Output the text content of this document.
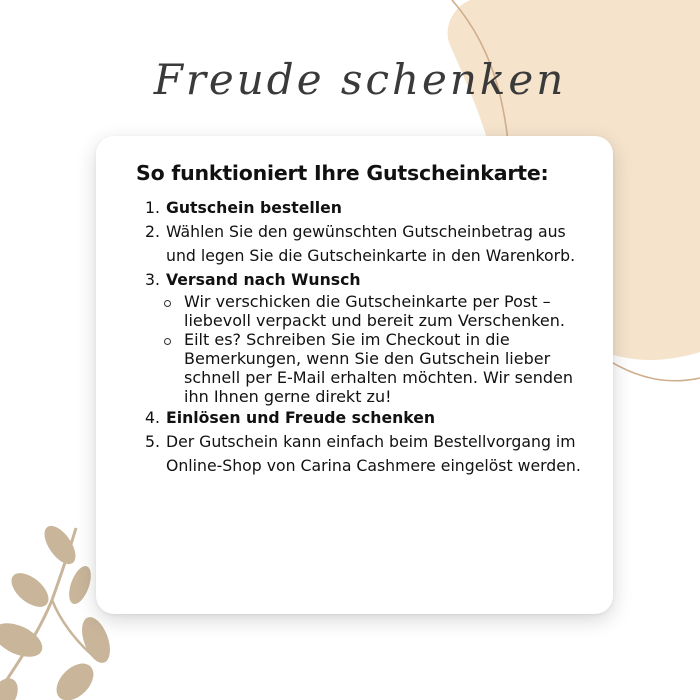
Freude schenken
So funktioniert Ihre Gutscheinkarte:
1. Gutschein bestellen
2. Wählen Sie den gewünschten Gutscheinbetrag aus und legen Sie die Gutscheinkarte in den Warenkorb.
3. Versand nach Wunsch
Wir verschicken die Gutscheinkarte per Post – liebevoll verpackt und bereit zum Verschenken.
Eilt es? Schreiben Sie im Checkout in die Bemerkungen, wenn Sie den Gutschein lieber schnell per E-Mail erhalten möchten. Wir senden ihn Ihnen gerne direkt zu!
4. Einlösen und Freude schenken
5. Der Gutschein kann einfach beim Bestellvorgang im Online-Shop von Carina Cashmere eingelöst werden.
